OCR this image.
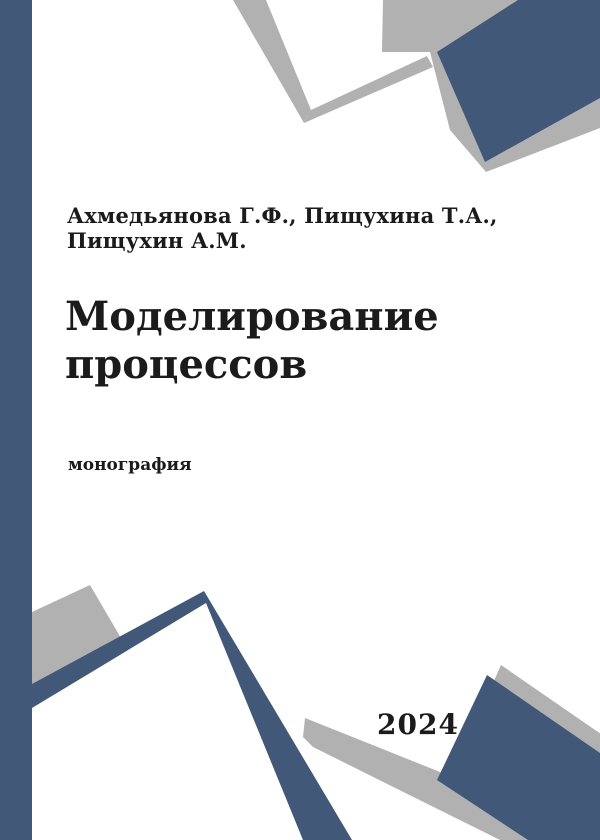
Ахмедьянова Г.Ф., Пищухина Т.А., Пищухин А.М.
Моделирование процессов
монография
2024
